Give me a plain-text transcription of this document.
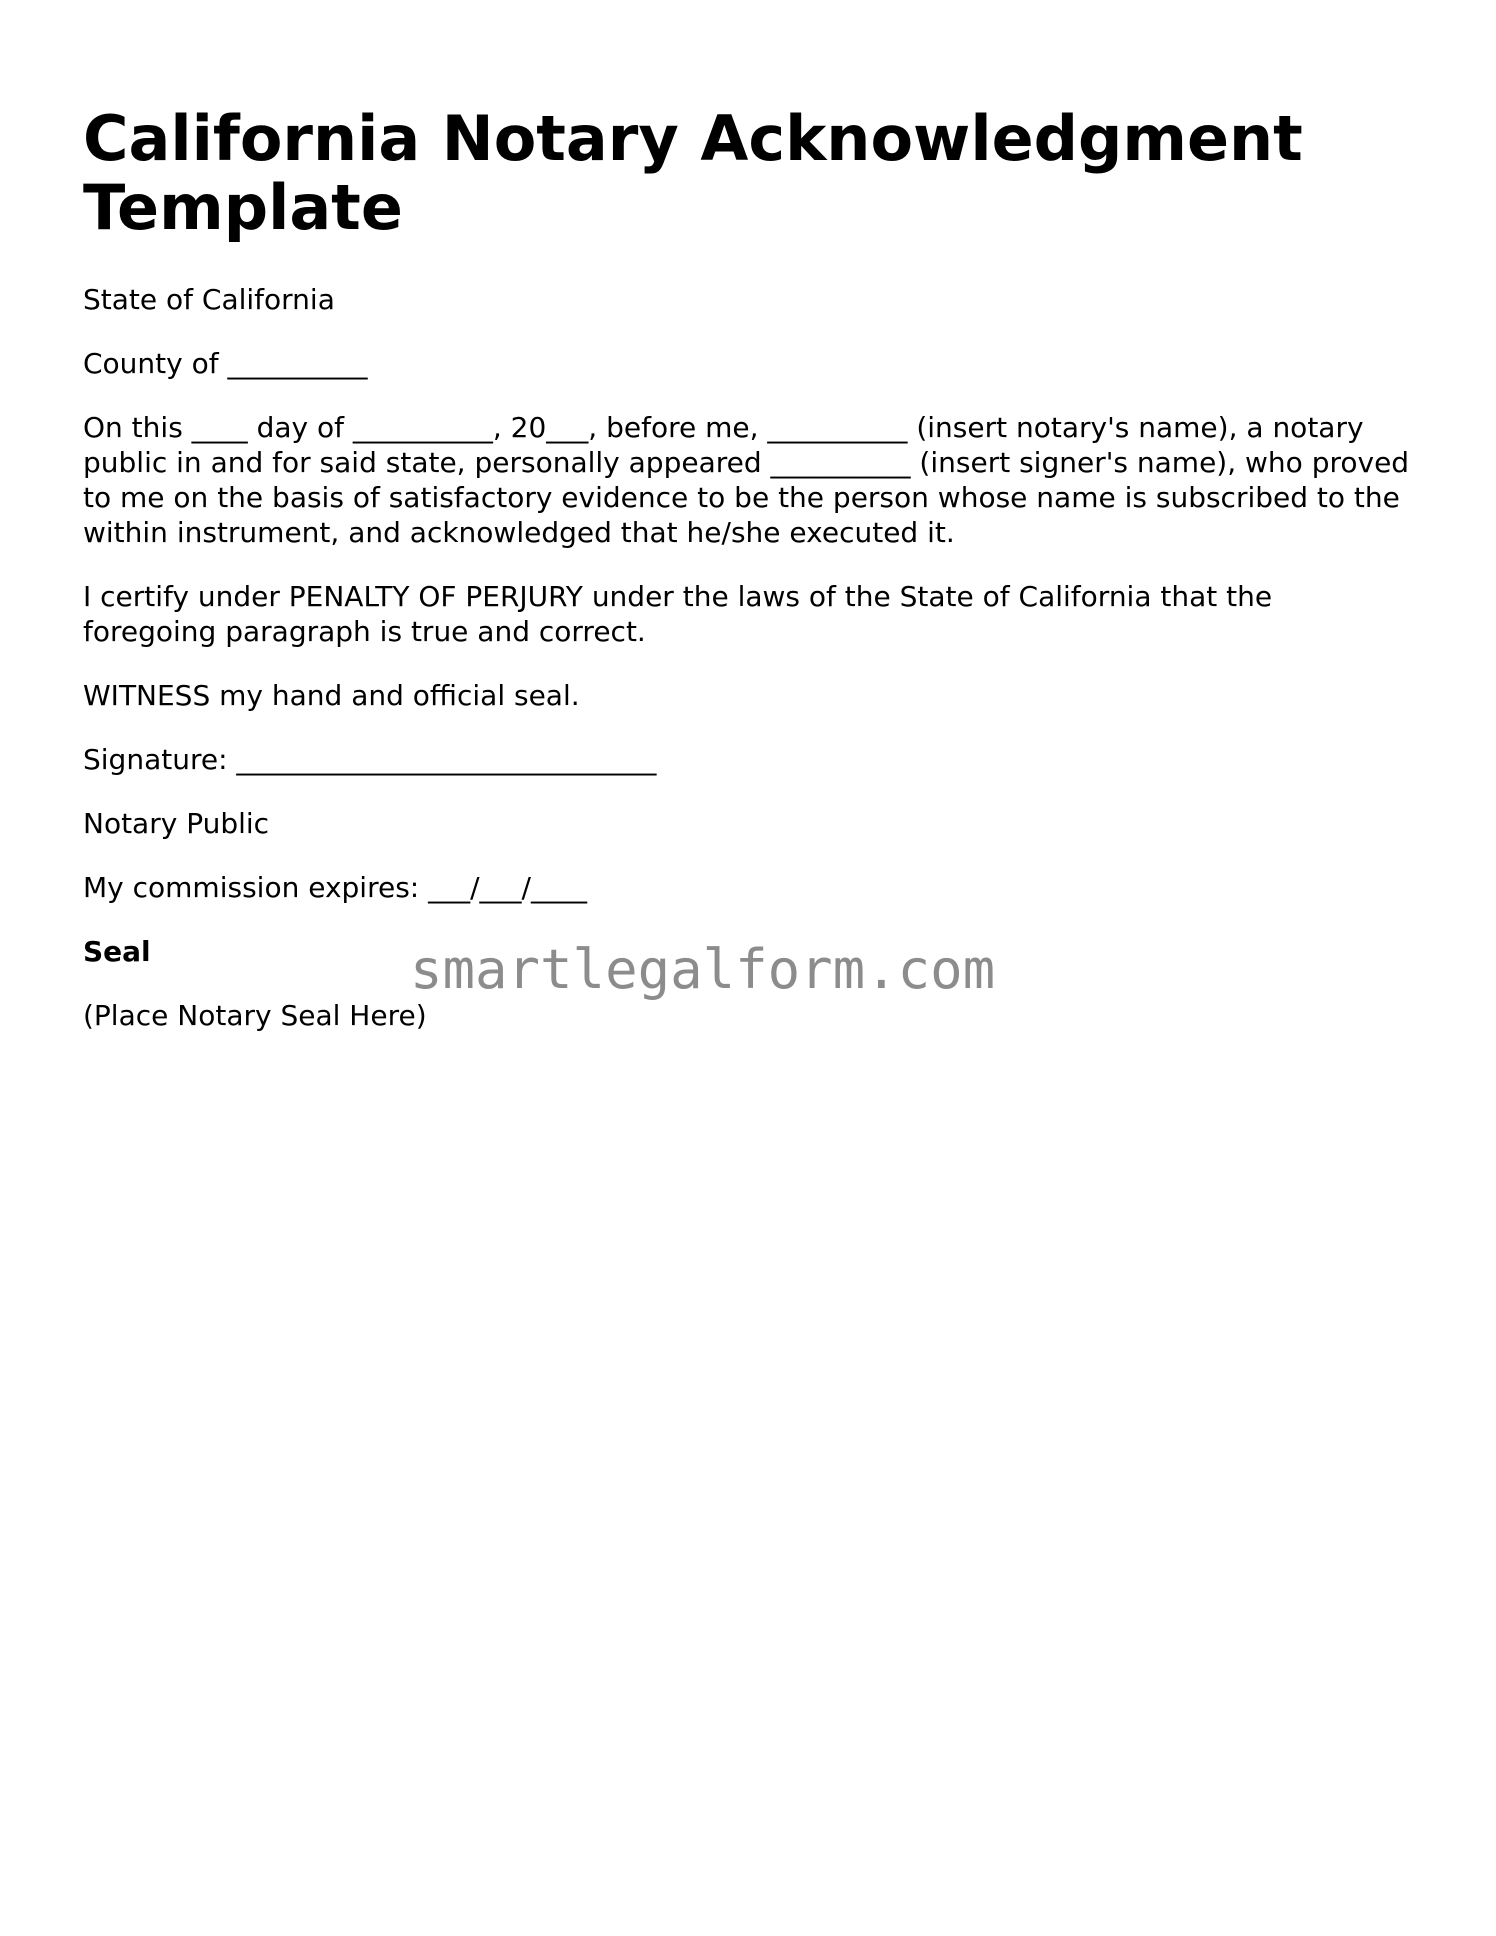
California Notary Acknowledgment Template

State of California

County of __________

On this ____ day of __________, 20___, before me, __________ (insert notary's name), a notary public in and for said state, personally appeared __________ (insert signer's name), who proved to me on the basis of satisfactory evidence to be the person whose name is subscribed to the within instrument, and acknowledged that he/she executed it.

I certify under PENALTY OF PERJURY under the laws of the State of California that the foregoing paragraph is true and correct.

WITNESS my hand and official seal.

Signature: ______________________________

Notary Public

My commission expires: ___/___/____

Seal

(Place Notary Seal Here)

smartlegalform.com
